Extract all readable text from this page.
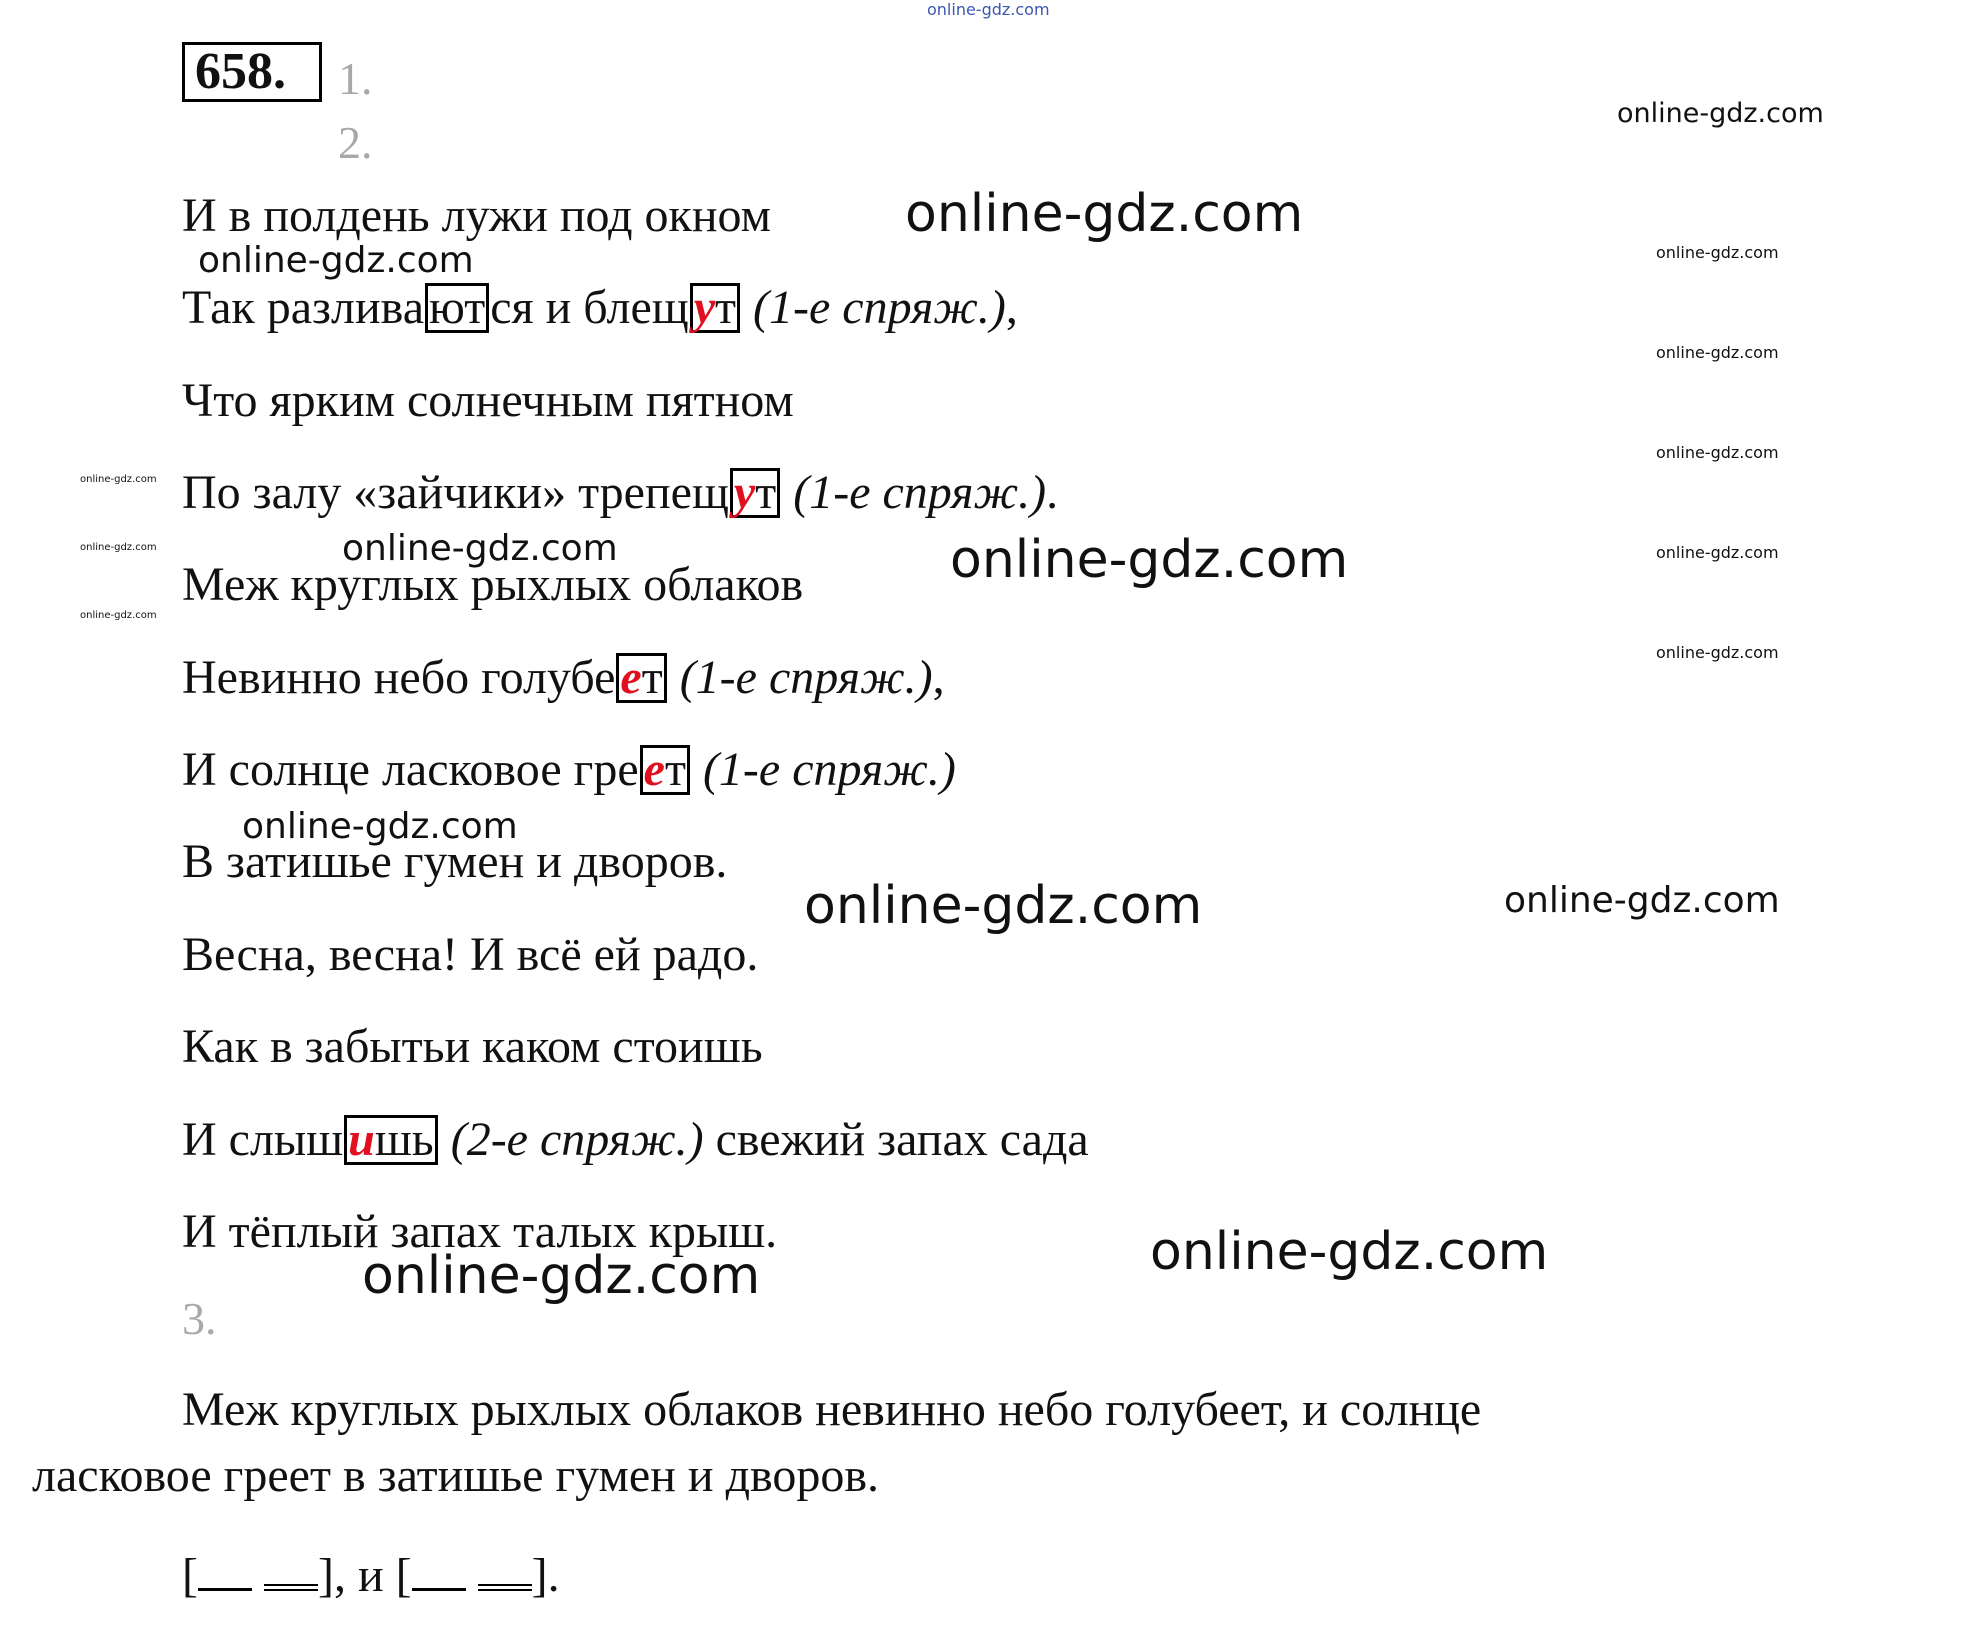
online-gdz.com
online-gdz.com
online-gdz.com
online-gdz.com	online-gdz.com
online-gdz.com
online-gdz.com
online-gdz.com
online-gdz.com
online-gdz.com
online-gdz.com
online-gdz.com
online-gdz.com	online-gdz.com
online-gdz.com
online-gdz.com	online-gdz.com
online-gdz.com
online-gdz.com
658.	1.
2.
И в полдень лужи под окном
Так разлива ют ся и блещ ут (1-е спряж.),
Что ярким солнечным пятном
По залу «зайчики» трепещ ут (1-е спряж.).
Меж круглых рыхлых облаков
Невинно небо голубе ет (1-е спряж.),
И солнце ласковое гре ет (1-е спряж.)
В затишье гумен и дворов.
Весна, весна! И всё ей радо.
Как в забытьи каком стоишь
И слыш ишь (2-е спряж.) свежий запах сада
И тёплый запах талых крыш.
3.
Меж круглых рыхлых облаков невинно небо голубеет, и солнце
ласковое греет в затишье гумен и дворов.
[	], и [	].
